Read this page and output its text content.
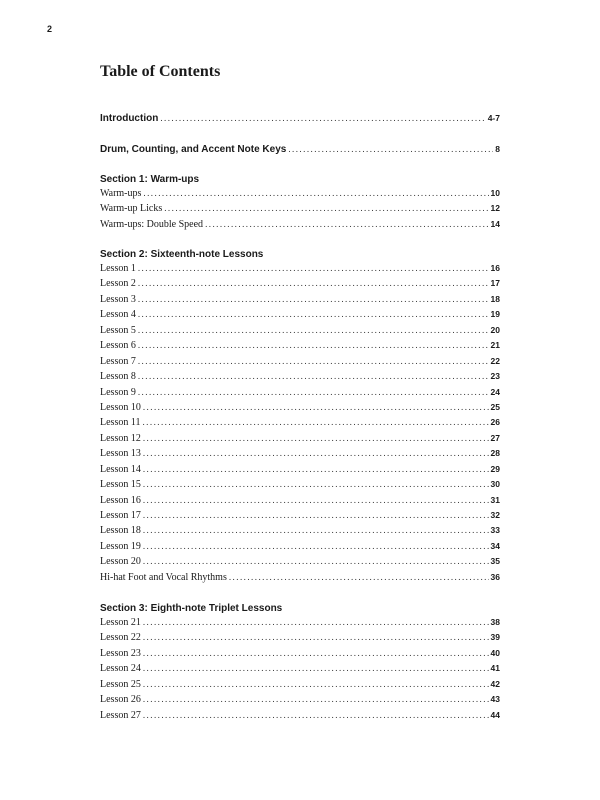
2
Table of Contents
Introduction . . .	4-7
Drum, Counting, and Accent Note Keys . . .	8
Section 1: Warm-ups
Warm-ups . . .	10
Warm-up Licks . . .	12
Warm-ups: Double Speed . . .	14
Section 2: Sixteenth-note Lessons
Lesson 1 . . .	16
Lesson 2 . . .	17
Lesson 3 . . .	18
Lesson 4 . . .	19
Lesson 5 . . .	20
Lesson 6 . . .	21
Lesson 7 . . .	22
Lesson 8 . . .	23
Lesson 9 . . .	24
Lesson 10 . . .	25
Lesson 11 . . .	26
Lesson 12 . . .	27
Lesson 13 . . .	28
Lesson 14 . . .	29
Lesson 15 . . .	30
Lesson 16 . . .	31
Lesson 17 . . .	32
Lesson 18 . . .	33
Lesson 19 . . .	34
Lesson 20 . . .	35
Hi-hat Foot and Vocal Rhythms . . .	36
Section 3: Eighth-note Triplet Lessons
Lesson 21 . . .	38
Lesson 22 . . .	39
Lesson 23 . . .	40
Lesson 24 . . .	41
Lesson 25 . . .	42
Lesson 26 . . .	43
Lesson 27 . . .	44
